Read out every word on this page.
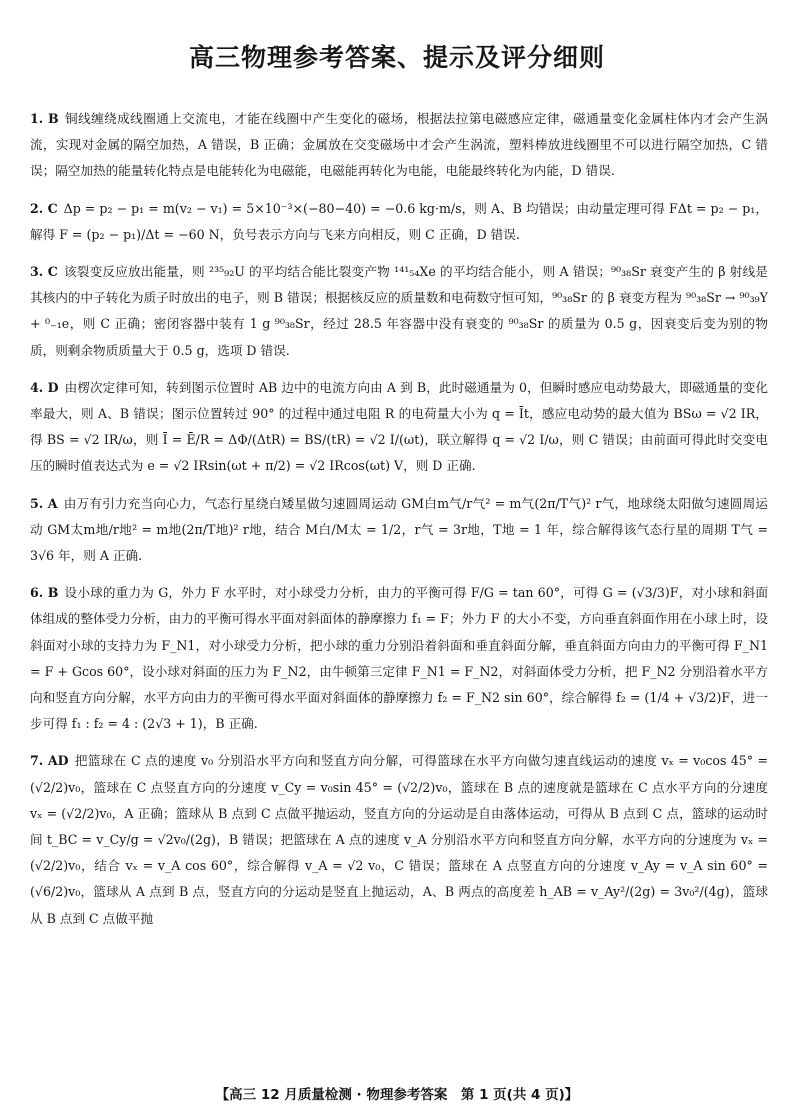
高三物理参考答案、提示及评分细则

1. B 铜线缠绕成线圈通上交流电，才能在线圈中产生变化的磁场，根据法拉第电磁感应定律，磁通量变化金属柱体内才会产生涡流，实现对金属的隔空加热，A 错误，B 正确；金属放在交变磁场中才会产生涡流，塑料棒放进线圈里不可以进行隔空加热，C 错误；隔空加热的能量转化特点是电能转化为电磁能，电磁能再转化为电能，电能最终转化为内能，D 错误.

2. C Δp = p₂ − p₁ = m(v₂ − v₁) = 5×10⁻³×(−80−40) = −0.6 kg·m/s，则 A、B 均错误；由动量定理可得 FΔt = p₂ − p₁，解得 F = (p₂ − p₁)/Δt = −60 N，负号表示方向与飞来方向相反，则 C 正确，D 错误.

3. C 该裂变反应放出能量，则 ²³⁵₉₂U 的平均结合能比裂变产物 ¹⁴¹₅₄Xe 的平均结合能小，则 A 错误；⁹⁰₃₈Sr 衰变产生的 β 射线是其核内的中子转化为质子时放出的电子，则 B 错误；根据核反应的质量数和电荷数守恒可知，⁹⁰₃₈Sr 的 β 衰变方程为 ⁹⁰₃₈Sr → ⁹⁰₃₉Y + ⁰₋₁e，则 C 正确；密闭容器中装有 1 g ⁹⁰₃₈Sr，经过 28.5 年容器中没有衰变的 ⁹⁰₃₈Sr 的质量为 0.5 g，因衰变后变为别的物质，则剩余物质质量大于 0.5 g，选项 D 错误.

4. D 由楞次定律可知，转到图示位置时 AB 边中的电流方向由 A 到 B，此时磁通量为 0，但瞬时感应电动势最大，即磁通量的变化率最大，则 A、B 错误；图示位置转过 90° 的过程中通过电阻 R 的电荷量大小为 q = Īt，感应电动势的最大值为 BSω = √2 IR，得 BS = √2 IR/ω，则 Ī = Ē/R = ΔΦ/(ΔtR) = BS/(tR) = √2 I/(ωt)，联立解得 q = √2 I/ω，则 C 错误；由前面可得此时交变电压的瞬时值表达式为 e = √2 IRsin(ωt + π/2) = √2 IRcos(ωt) V，则 D 正确.

5. A 由万有引力充当向心力，气态行星绕白矮星做匀速圆周运动 GM白m气/r气² = m气(2π/T气)² r气，地球绕太阳做匀速圆周运动 GM太m地/r地² = m地(2π/T地)² r地，结合 M白/M太 = 1/2，r气 = 3r地，T地 = 1 年，综合解得该气态行星的周期 T气 = 3√6 年，则 A 正确.

6. B 设小球的重力为 G，外力 F 水平时，对小球受力分析，由力的平衡可得 F/G = tan 60°，可得 G = (√3/3)F，对小球和斜面体组成的整体受力分析，由力的平衡可得水平面对斜面体的静摩擦力 f₁ = F；外力 F 的大小不变，方向垂直斜面作用在小球上时，设斜面对小球的支持力为 F_N1，对小球受力分析，把小球的重力分别沿着斜面和垂直斜面分解，垂直斜面方向由力的平衡可得 F_N1 = F + Gcos 60°，设小球对斜面的压力为 F_N2，由牛顿第三定律 F_N1 = F_N2，对斜面体受力分析，把 F_N2 分别沿着水平方向和竖直方向分解，水平方向由力的平衡可得水平面对斜面体的静摩擦力 f₂ = F_N2 sin 60°，综合解得 f₂ = (1/4 + √3/2)F，进一步可得 f₁ : f₂ = 4 : (2√3 + 1)，B 正确.

7. AD 把篮球在 C 点的速度 v₀ 分别沿水平方向和竖直方向分解，可得篮球在水平方向做匀速直线运动的速度 vₓ = v₀cos 45° = (√2/2)v₀，篮球在 C 点竖直方向的分速度 v_Cy = v₀sin 45° = (√2/2)v₀，篮球在 B 点的速度就是篮球在 C 点水平方向的分速度 vₓ = (√2/2)v₀，A 正确；篮球从 B 点到 C 点做平抛运动，竖直方向的分运动是自由落体运动，可得从 B 点到 C 点，篮球的运动时间 t_BC = v_Cy/g = √2v₀/(2g)，B 错误；把篮球在 A 点的速度 v_A 分别沿水平方向和竖直方向分解，水平方向的分速度为 vₓ = (√2/2)v₀，结合 vₓ = v_A cos 60°，综合解得 v_A = √2 v₀，C 错误；篮球在 A 点竖直方向的分速度 v_Ay = v_A sin 60° = (√6/2)v₀，篮球从 A 点到 B 点，竖直方向的分运动是竖直上抛运动，A、B 两点的高度差 h_AB = v_Ay²/(2g) = 3v₀²/(4g)，篮球从 B 点到 C 点做平抛

【高三 12 月质量检测 · 物理参考答案　第 1 页(共 4 页)】
